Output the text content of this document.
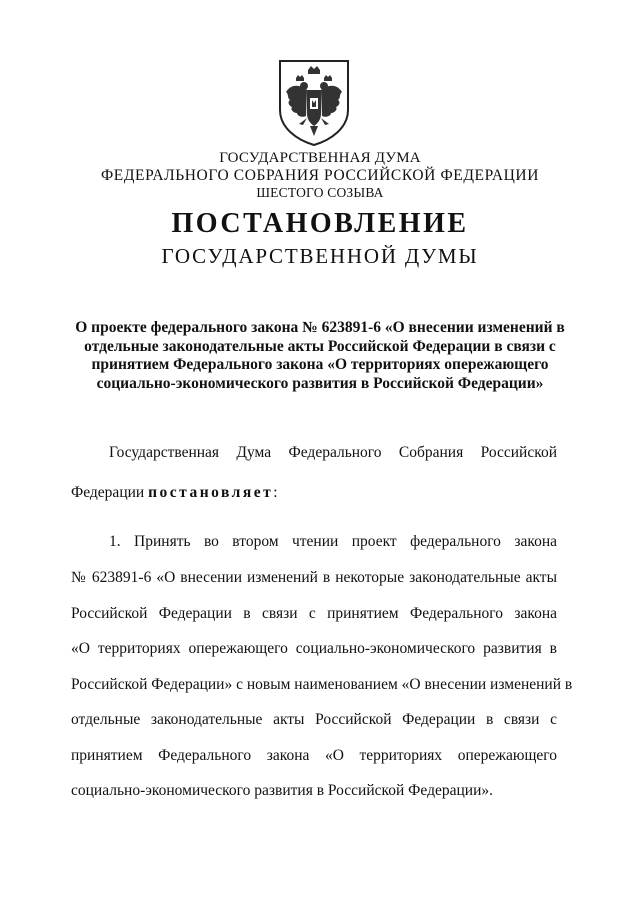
ГОСУДАРСТВЕННАЯ ДУМА
ФЕДЕРАЛЬНОГО СОБРАНИЯ РОССИЙСКОЙ ФЕДЕРАЦИИ
ШЕСТОГО СОЗЫВА
ПОСТАНОВЛЕНИЕ
ГОСУДАРСТВЕННОЙ ДУМЫ
О проекте федерального закона № 623891-6 «О внесении изменений в
отдельные законодательные акты Российской Федерации в связи с
принятием Федерального закона «О территориях опережающего
социально-экономического развития в Российской Федерации»
Государственная Дума Федерального Собрания Российской
Федерации постановляет:
1. Принять во втором чтении проект федерального закона
№ 623891-6 «О внесении изменений в некоторые законодательные акты
Российской Федерации в связи с принятием Федерального закона
«О территориях опережающего социально-экономического развития в
Российской Федерации» с новым наименованием «О внесении изменений в
отдельные законодательные акты Российской Федерации в связи с
принятием Федерального закона «О территориях опережающего
социально-экономического развития в Российской Федерации».
